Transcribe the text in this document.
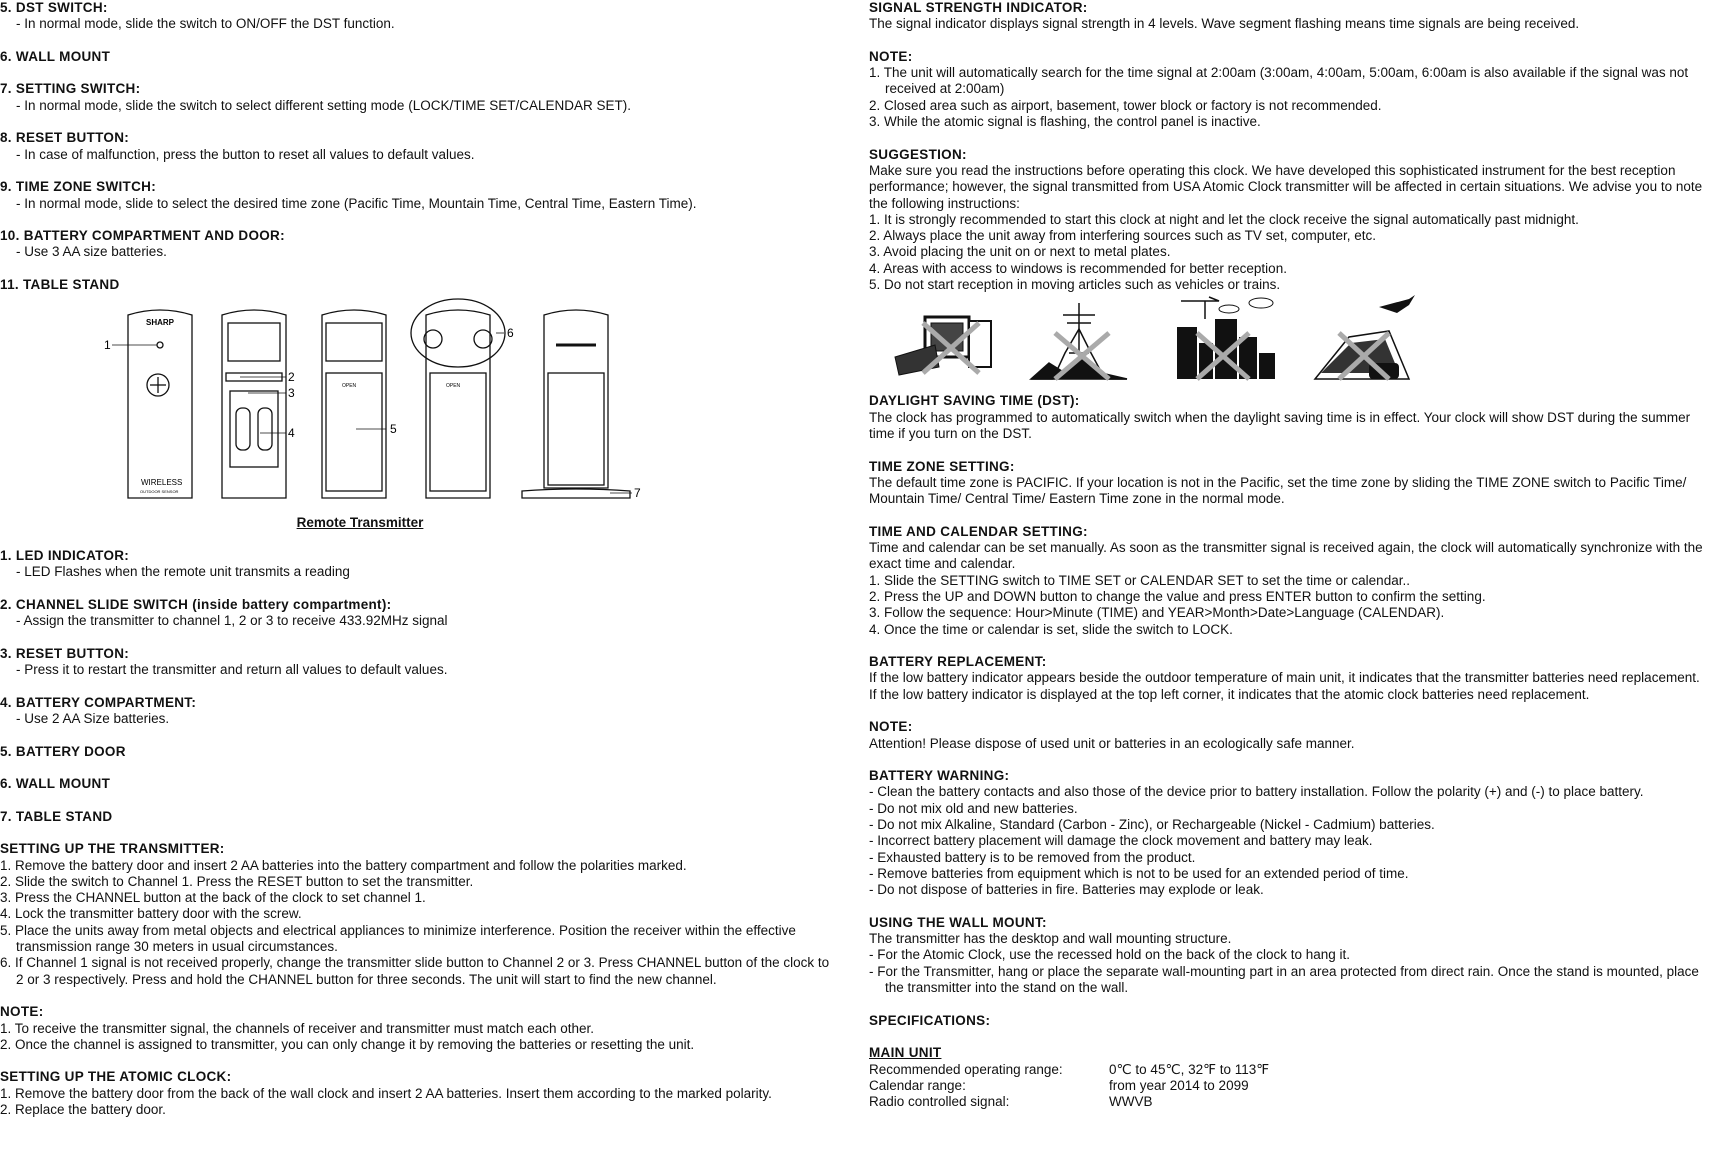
5. DST SWITCH:
- In normal mode, slide the switch to ON/OFF the DST function.
6. WALL MOUNT
7. SETTING SWITCH:
- In normal mode, slide the switch to select different setting mode (LOCK/TIME SET/CALENDAR SET).
8. RESET BUTTON:
- In case of malfunction, press the button to reset all values to default values.
9. TIME ZONE SWITCH:
- In normal mode, slide to select the desired time zone (Pacific Time, Mountain Time, Central Time, Eastern Time).
10. BATTERY COMPARTMENT AND DOOR:
- Use 3 AA size batteries.
11. TABLE STAND
SHARP
WIRELESS
OUTDOOR SENSOR
OPEN	OPEN
1
2
3
4	5
6
7
Remote Transmitter
1. LED INDICATOR:
- LED Flashes when the remote unit transmits a reading
2. CHANNEL SLIDE SWITCH (inside battery compartment):
- Assign the transmitter to channel 1, 2 or 3 to receive 433.92MHz signal
3. RESET BUTTON:
- Press it to restart the transmitter and return all values to default values.
4. BATTERY COMPARTMENT:
- Use 2 AA Size batteries.
5. BATTERY DOOR
6. WALL MOUNT
7. TABLE STAND
SETTING UP THE TRANSMITTER:
1. Remove the battery door and insert 2 AA batteries into the battery compartment and follow the polarities marked.
2. Slide the switch to Channel 1. Press the RESET button to set the transmitter.
3. Press the CHANNEL button at the back of the clock to set channel 1.
4. Lock the transmitter battery door with the screw.
5. Place the units away from metal objects and electrical appliances to minimize interference. Position the receiver within the effective transmission range 30 meters in usual circumstances.
6. If Channel 1 signal is not received properly, change the transmitter slide button to Channel 2 or 3. Press CHANNEL button of the clock to 2 or 3 respectively. Press and hold the CHANNEL button for three seconds. The unit will start to find the new channel.
NOTE:
1. To receive the transmitter signal, the channels of receiver and transmitter must match each other.
2. Once the channel is assigned to transmitter, you can only change it by removing the batteries or resetting the unit.
SETTING UP THE ATOMIC CLOCK:
1. Remove the battery door from the back of the wall clock and insert 2 AA batteries. Insert them according to the marked polarity.
2. Replace the battery door.
SIGNAL STRENGTH INDICATOR:
The signal indicator displays signal strength in 4 levels. Wave segment flashing means time signals are being received.
NOTE:
1. The unit will automatically search for the time signal at 2:00am (3:00am, 4:00am, 5:00am, 6:00am is also available if the signal was not received at 2:00am)
2. Closed area such as airport, basement, tower block or factory is not recommended.
3. While the atomic signal is flashing, the control panel is inactive.
SUGGESTION:
Make sure you read the instructions before operating this clock. We have developed this sophisticated instrument for the best reception performance; however, the signal transmitted from USA Atomic Clock transmitter will be affected in certain situations. We advise you to note the following instructions:
1. It is strongly recommended to start this clock at night and let the clock receive the signal automatically past midnight.
2. Always place the unit away from interfering sources such as TV set, computer, etc.
3. Avoid placing the unit on or next to metal plates.
4. Areas with access to windows is recommended for better reception.
5. Do not start reception in moving articles such as vehicles or trains.
DAYLIGHT SAVING TIME (DST):
The clock has programmed to automatically switch when the daylight saving time is in effect. Your clock will show DST during the summer time if you turn on the DST.
TIME ZONE SETTING:
The default time zone is PACIFIC. If your location is not in the Pacific, set the time zone by sliding the TIME ZONE switch to Pacific Time/ Mountain Time/ Central Time/ Eastern Time zone in the normal mode.
TIME AND CALENDAR SETTING:
Time and calendar can be set manually. As soon as the transmitter signal is received again, the clock will automatically synchronize with the exact time and calendar.
1. Slide the SETTING switch to TIME SET or CALENDAR SET to set the time or calendar..
2. Press the UP and DOWN button to change the value and press ENTER button to confirm the setting.
3. Follow the sequence: Hour>Minute (TIME) and YEAR>Month>Date>Language (CALENDAR).
4. Once the time or calendar is set, slide the switch to LOCK.
BATTERY REPLACEMENT:
If the low battery indicator appears beside the outdoor temperature of main unit, it indicates that the transmitter batteries need replacement. If the low battery indicator is displayed at the top left corner, it indicates that the atomic clock batteries need replacement.
NOTE:
Attention! Please dispose of used unit or batteries in an ecologically safe manner.
BATTERY WARNING:
- Clean the battery contacts and also those of the device prior to battery installation. Follow the polarity (+) and (-) to place battery.
- Do not mix old and new batteries.
- Do not mix Alkaline, Standard (Carbon - Zinc), or Rechargeable (Nickel - Cadmium) batteries.
- Incorrect battery placement will damage the clock movement and battery may leak.
- Exhausted battery is to be removed from the product.
- Remove batteries from equipment which is not to be used for an extended period of time.
- Do not dispose of batteries in fire. Batteries may explode or leak.
USING THE WALL MOUNT:
The transmitter has the desktop and wall mounting structure.
- For the Atomic Clock, use the recessed hold on the back of the clock to hang it.
- For the Transmitter, hang or place the separate wall-mounting part in an area protected from direct rain. Once the stand is mounted, place the transmitter into the stand on the wall.
SPECIFICATIONS:
MAIN UNIT
Recommended operating range:	0℃ to 45℃, 32℉ to 113℉
Calendar range:	from year 2014 to 2099
Radio controlled signal:	WWVB
